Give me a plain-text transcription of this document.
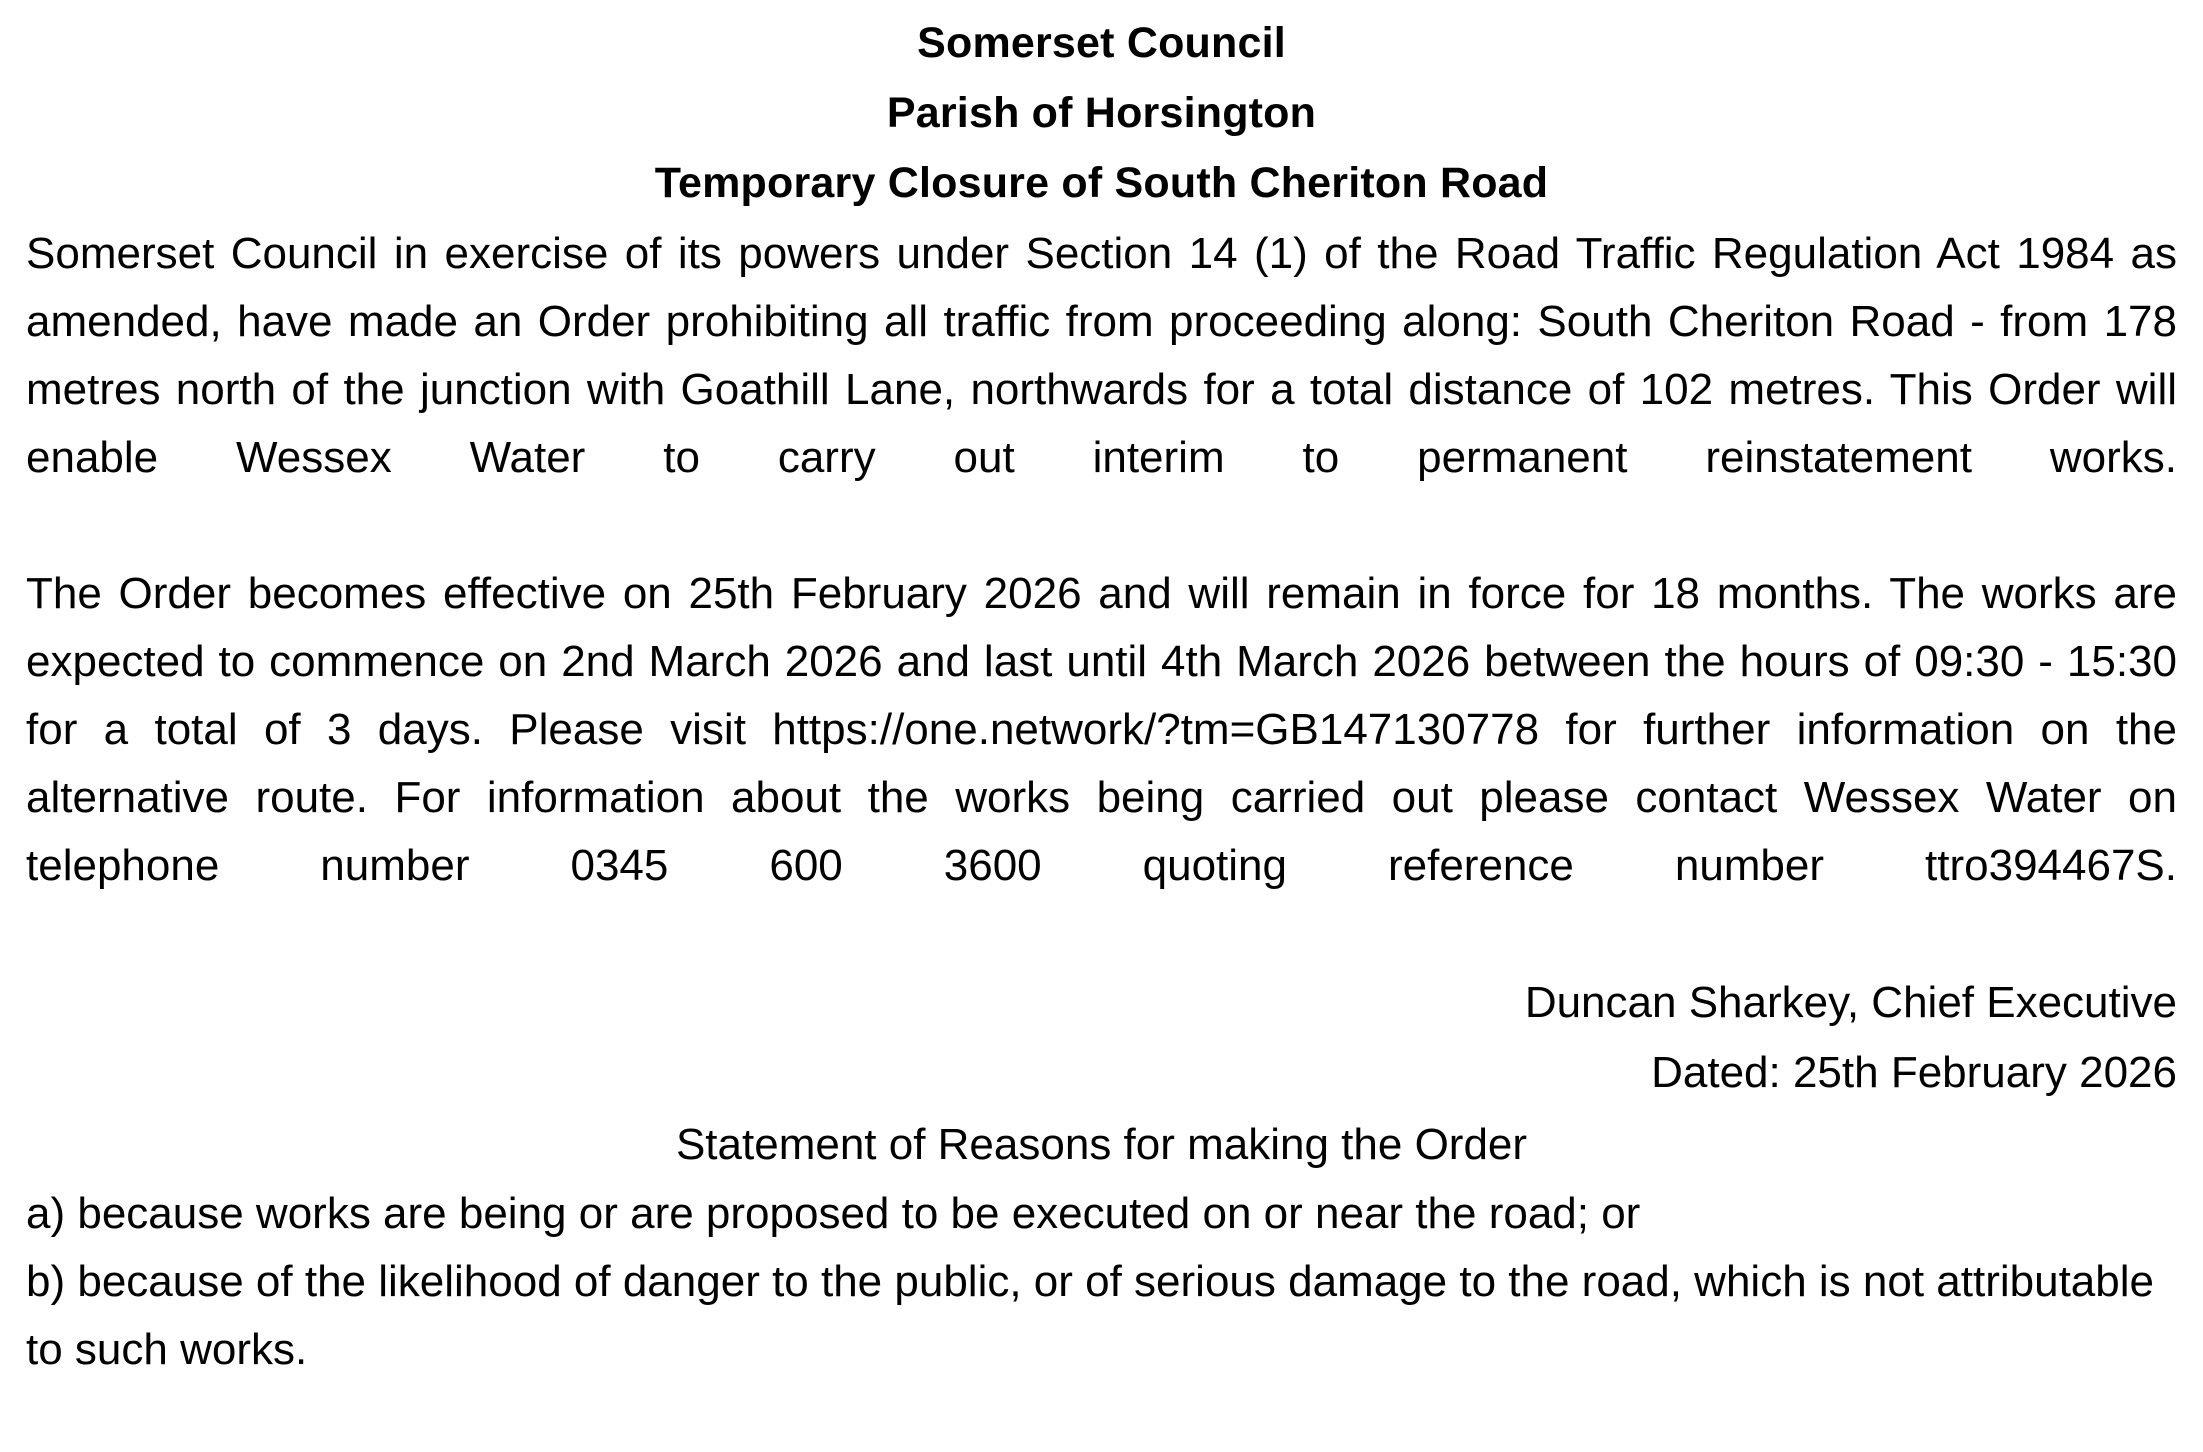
Somerset Council
Parish of Horsington
Temporary Closure of South Cheriton Road

Somerset Council in exercise of its powers under Section 14 (1) of the Road Traffic Regulation Act 1984 as amended, have made an Order prohibiting all traffic from proceeding along: South Cheriton Road - from 178 metres north of the junction with Goathill Lane, northwards for a total distance of 102 metres. This Order will enable Wessex Water to carry out interim to permanent reinstatement works.

The Order becomes effective on 25th February 2026 and will remain in force for 18 months. The works are expected to commence on 2nd March 2026 and last until 4th March 2026 between the hours of 09:30 - 15:30 for a total of 3 days. Please visit https://one.network/?tm=GB147130778 for further information on the alternative route. For information about the works being carried out please contact Wessex Water on telephone number 0345 600 3600 quoting reference number ttro394467S.

Duncan Sharkey, Chief Executive
Dated: 25th February 2026
Statement of Reasons for making the Order
a) because works are being or are proposed to be executed on or near the road; or
b) because of the likelihood of danger to the public, or of serious damage to the road, which is not attributable to such works.
